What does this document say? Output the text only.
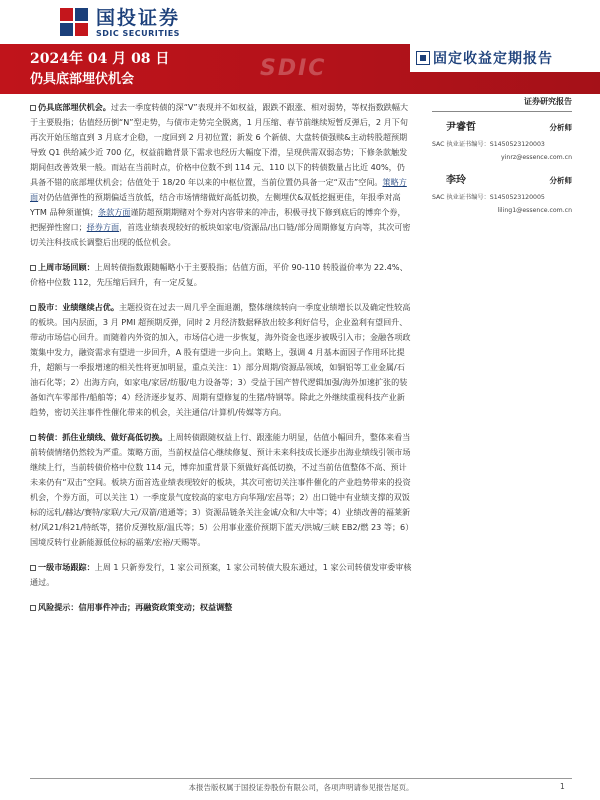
国投证券
SDIC SECURITIES
SDIC
2024年 04 月 08 日
仍具底部埋伏机会
固定收益定期报告
仍具底部埋伏机会。过去一季度转债的深“V”表现并不如权益，跟跌不跟涨、相对弱势，等权指数跌幅大于主要股指；估值经历倒“N”型走势，与债市走势完全脱离，1 月压缩、春节前继续短暂反弹后，2 月下旬再次开始压缩直到 3 月底才企稳，一度回到 2 月初位置；新发 6 个新债、大盘转债强赎&主动转股超预期导致 Q1 供给减少近 700 亿，权益前瞻背景下需求也经历大幅度下滑，呈现供需双弱态势；下修条款触发期间但改善效果一般。而站在当前时点，价格中位数不到 114 元、110 以下的转债数量占比近 40%，仍具备不错的底部埋伏机会；估值处于 18/20 年以来的中枢位置，当前位置仍具备一定“双击”空间。策略方面对仍估值弹性的预期偏适当放低，结合市场情绪做好高低切换，左侧埋伏&双低挖掘更佳，年报季对高 YTM 品种须谨慎；条款方面谨防超预期期赌对个券对内容带来的冲击，积极寻找下修到底后的博弈个券，把握弹性窗口；择券方面，首选业绩表现较好的板块如家电/资源品/出口链/部分周期修复方向等，其次可密切关注科技成长调整后出现的低位机会。
上周市场回顾：上周转债指数跟随幅略小于主要股指；估值方面，平价 90-110 转股溢价率为 22.4%、价格中位数 112，先压缩后回升，有一定反复。
股市：业绩继续占优。主题投资在过去一周几乎全面退潮，整体继续转向一季度业绩增长以及确定性较高的板块。国内层面，3 月 PMI 超预期反弹，同时 2 月经济数据释放出较多利好信号，企业盈利有望回升、带动市场信心回升。而随着内外资的加入，市场信心进一步恢复，海外资金也逐步被吸引入市；金融各项政策集中发力，融资需求有望进一步回升，A 股有望进一步向上。策略上，强调 4 月基本面因子作用环比提升，超额与一季报增速的相关性将更加明显，重点关注：1）部分周期/资源品领域，如铜铝等工业金属/石油石化等；2）出海方向，如家电/家居/纺服/电力设备等；3）受益于国产替代逻辑加强/海外加速扩张的装备如汽车零部件/船舶等；4）经济逐步复苏、周期有望修复的生猪/特钢等。除此之外继续重视科技产业新趋势，密切关注事件性催化带来的机会，关注通信/计算机/传媒等方向。
转债：抓住业绩线、做好高低切换。上周转债跟随权益上行、跟涨能力明显，估值小幅回升，整体来看当前转债情绪仍然较为严重。策略方面，当前权益信心继续修复、预计未来科技成长逐步出海业绩线引领市场继续上行，当前转债价格中位数 114 元，博弈加重背景下须做好高低切换，不过当前估值整体不高、预计未来仍有“双击”空间。板块方面首选业绩表现较好的板块，其次可密切关注事件催化的产业趋势带来的投资机会，个券方面，可以关注 1）一季度景气度较高的家电方向华翔/宏昌等；2）出口链中有业绩支撑的双饭标的远轧/赫达/赛特/家联/大元/双箭/道通等；3）资源品链条关注金诚/众和/大中等；4）业绩改善的福莱新材/风21/科21/特纸等，猪价反弹牧原/温氏等；5）公用事业涨价预期下蓝天/洪城/三峡 EB2/燃 23 等；6）国境反转行业新能源低位标的福莱/宏裕/天赐等。
一级市场跟踪：上周 1 只新券发行，1 家公司预案，1 家公司转债大股东通过，1 家公司转债发审委审核通过。
风险提示：信用事件冲击；再融资政策变动；权益调整
证券研究报告
尹睿哲	分析师
SAC 执业证书编号：S1450523120003
yinrz@essence.com.cn
李玲	分析师
SAC 执业证书编号：S1450523120005
liling1@essence.com.cn
本报告版权属于国投证券股份有限公司，各项声明请参见报告尾页。	1
